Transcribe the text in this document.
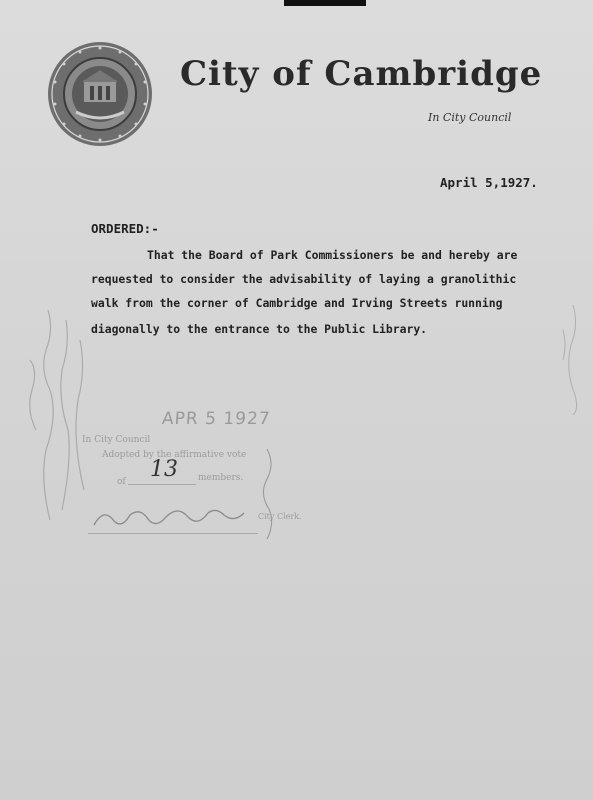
City of Cambridge
In City Council
April 5,1927.
ORDERED:-
That the Board of Park Commissioners be and hereby are
requested to consider the advisability of laying a granolithic
walk from the corner of Cambridge and Irving Streets running
diagonally to the entrance to the Public Library.
APR 5 1927
In City Council
Adopted by the affirmative vote
of 13 members.
City Clerk.
